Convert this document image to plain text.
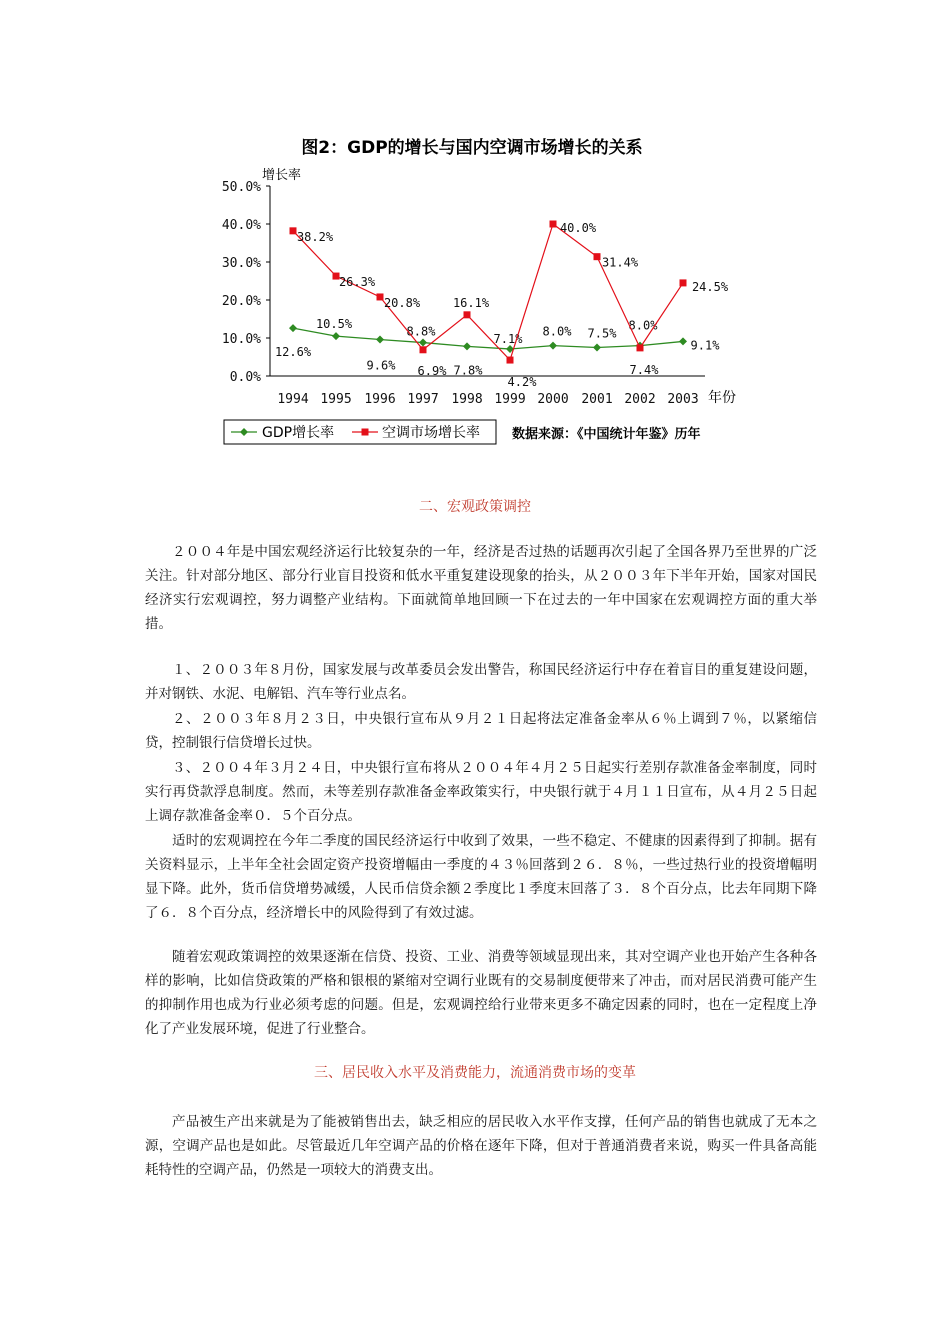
图2：GDP的增长与国内空调市场增长的关系
增长率
年份
0.0%
10.0%
20.0%
30.0%
40.0%
50.0%
1994 1995 1996 1997 1998 1999 2000 2001 2002 2003
12.6%
10.5%
9.6%
8.8%
7.8%
7.1%
8.0% 7.5%
8.0%
9.1%
38.2%
26.3%
20.8%
6.9%
16.1%
4.2%
40.0%
31.4%
7.4%
24.5%
GDP增长率	空调市场增长率 数据来源：《中国统计年鉴》历年
二、宏观政策调控

２００４年是中国宏观经济运行比较复杂的一年，经济是否过热的话题再次引起了全国各界乃至世界的广泛关注。针对部分地区、部分行业盲目投资和低水平重复建设现象的抬头，从２００３年下半年开始，国家对国民经济实行宏观调控，努力调整产业结构。下面就简单地回顾一下在过去的一年中国家在宏观调控方面的重大举措。

１、２００３年８月份，国家发展与改革委员会发出警告，称国民经济运行中存在着盲目的重复建设问题，并对钢铁、水泥、电解铝、汽车等行业点名。

２、２００３年８月２３日，中央银行宣布从９月２１日起将法定准备金率从６％上调到７％，以紧缩信贷，控制银行信贷增长过快。

３、２００４年３月２４日，中央银行宣布将从２００４年４月２５日起实行差别存款准备金率制度，同时实行再贷款浮息制度。然而，未等差别存款准备金率政策实行，中央银行就于４月１１日宣布，从４月２５日起上调存款准备金率０．５个百分点。

适时的宏观调控在今年二季度的国民经济运行中收到了效果，一些不稳定、不健康的因素得到了抑制。据有关资料显示，上半年全社会固定资产投资增幅由一季度的４３％回落到２６．８％，一些过热行业的投资增幅明显下降。此外，货币信贷增势减缓，人民币信贷余额２季度比１季度末回落了３．８个百分点，比去年同期下降了６．８个百分点，经济增长中的风险得到了有效过滤。

随着宏观政策调控的效果逐渐在信贷、投资、工业、消费等领域显现出来，其对空调产业也开始产生各种各样的影响，比如信贷政策的严格和银根的紧缩对空调行业既有的交易制度便带来了冲击，而对居民消费可能产生的抑制作用也成为行业必须考虑的问题。但是，宏观调控给行业带来更多不确定因素的同时，也在一定程度上净化了产业发展环境，促进了行业整合。

三、居民收入水平及消费能力，流通消费市场的变革

产品被生产出来就是为了能被销售出去，缺乏相应的居民收入水平作支撑，任何产品的销售也就成了无本之源，空调产品也是如此。尽管最近几年空调产品的价格在逐年下降，但对于普通消费者来说，购买一件具备高能耗特性的空调产品，仍然是一项较大的消费支出。
